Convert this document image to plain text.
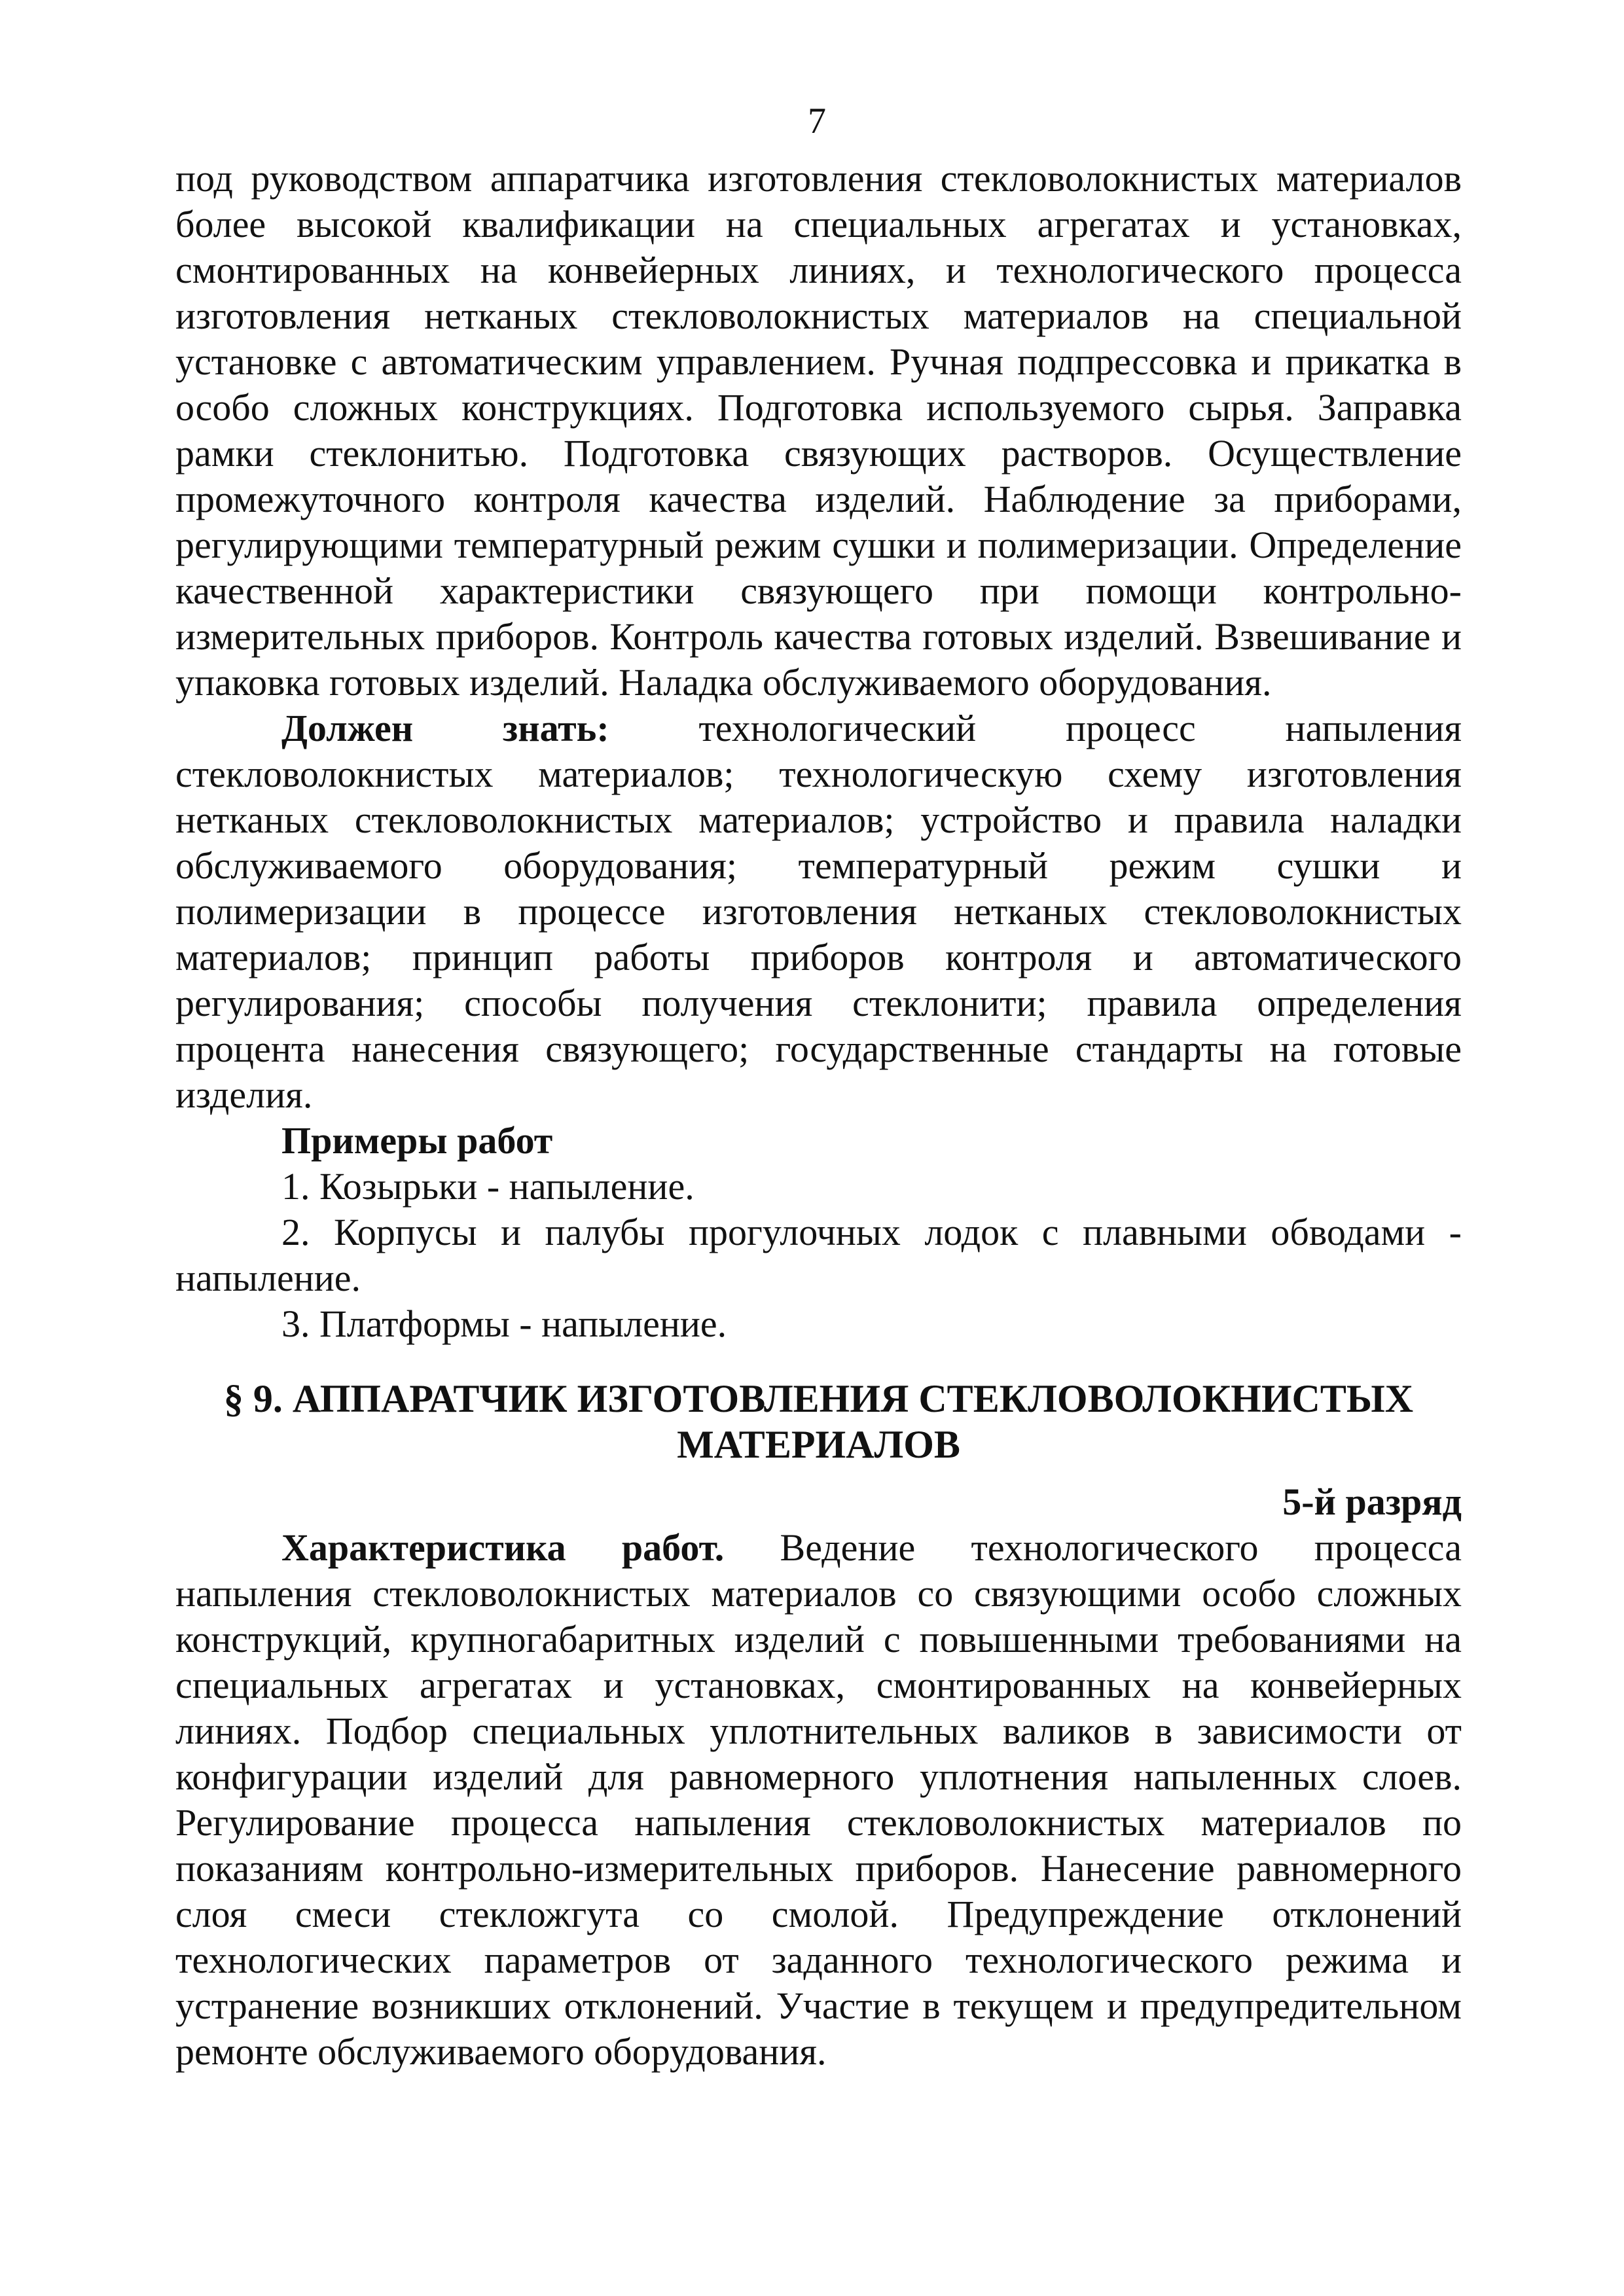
7

под руководством аппаратчика изготовления стекловолокнистых материалов более высокой квалификации на специальных агрегатах и установках, смонтированных на конвейерных линиях, и технологического процесса изготовления нетканых стекловолокнистых материалов на специальной установке с автоматическим управлением. Ручная подпрессовка и прикатка в особо сложных конструкциях. Подготовка используемого сырья. Заправка рамки стеклонитью. Подготовка связующих растворов. Осуществление промежуточного контроля качества изделий. Наблюдение за приборами, регулирующими температурный режим сушки и полимеризации. Определение качественной характеристики связующего при помощи контрольно-измерительных приборов. Контроль качества готовых изделий. Взвешивание и упаковка готовых изделий. Наладка обслуживаемого оборудования.

Должен знать: технологический процесс напыления стекловолокнистых материалов; технологическую схему изготовления нетканых стекловолокнистых материалов; устройство и правила наладки обслуживаемого оборудования; температурный режим сушки и полимеризации в процессе изготовления нетканых стекловолокнистых материалов; принцип работы приборов контроля и автоматического регулирования; способы получения стеклонити; правила определения процента нанесения связующего; государственные стандарты на готовые изделия.

Примеры работ

1. Козырьки - напыление.

2. Корпусы и палубы прогулочных лодок с плавными обводами - напыление.

3. Платформы - напыление.

§ 9. АППАРАТЧИК ИЗГОТОВЛЕНИЯ СТЕКЛОВОЛОКНИСТЫХ
МАТЕРИАЛОВ

5-й разряд

Характеристика работ. Ведение технологического процесса напыления стекловолокнистых материалов со связующими особо сложных конструкций, крупногабаритных изделий с повышенными требованиями на специальных агрегатах и установках, смонтированных на конвейерных линиях. Подбор специальных уплотнительных валиков в зависимости от конфигурации изделий для равномерного уплотнения напыленных слоев. Регулирование процесса напыления стекловолокнистых материалов по показаниям контрольно-измерительных приборов. Нанесение равномерного слоя смеси стекложгута со смолой. Предупреждение отклонений технологических параметров от заданного технологического режима и устранение возникших отклонений. Участие в текущем и предупредительном ремонте обслуживаемого оборудования.
